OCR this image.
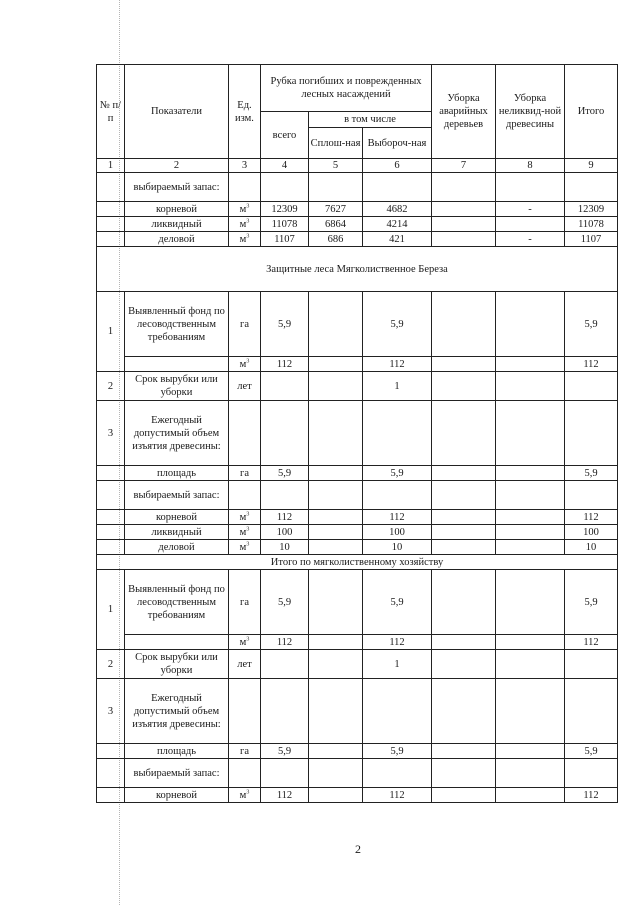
№ п/п	Показатели	Ед. изм.	Рубка погибших и поврежденных лесных насаждений			Уборка аварийных деревьев	Уборка неликвид-ной древесины	Итого
			всего	в том числе				
				Сплош-ная	Выбороч-ная			
1	2	3	4	5	6	7	8	9
	выбираемый запас:							
	корневой	$м^3$	12309	7627	4682		-	12309
	ликвидный	$м^3$	11078	6864	4214			11078
	деловой	$м^3$	1107	686	421		-	1107
Защитные леса Мягколиственное Береза								
1	Выявленный фонд по лесоводственным требованиям	га	5,9		5,9			5,9
		$м^3$	112		112			112
2	Срок вырубки или уборки	лет			1			
3	Ежегодный допустимый объем изъятия древесины:							
	площадь	га	5,9		5,9			5,9
	выбираемый запас:							
	корневой	$м^3$	112		112			112
	ликвидный	$м^3$	100		100			100
	деловой	$м^3$	10		10			10
Итого по мягколиственному хозяйству								
1	Выявленный фонд по лесоводственным требованиям	га	5,9		5,9			5,9
		$м^3$	112		112			112
2	Срок вырубки или уборки	лет			1			
3	Ежегодный допустимый объем изъятия древесины:							
	площадь	га	5,9		5,9			5,9
	выбираемый запас:							
	корневой	$м^3$	112		112			112
2
